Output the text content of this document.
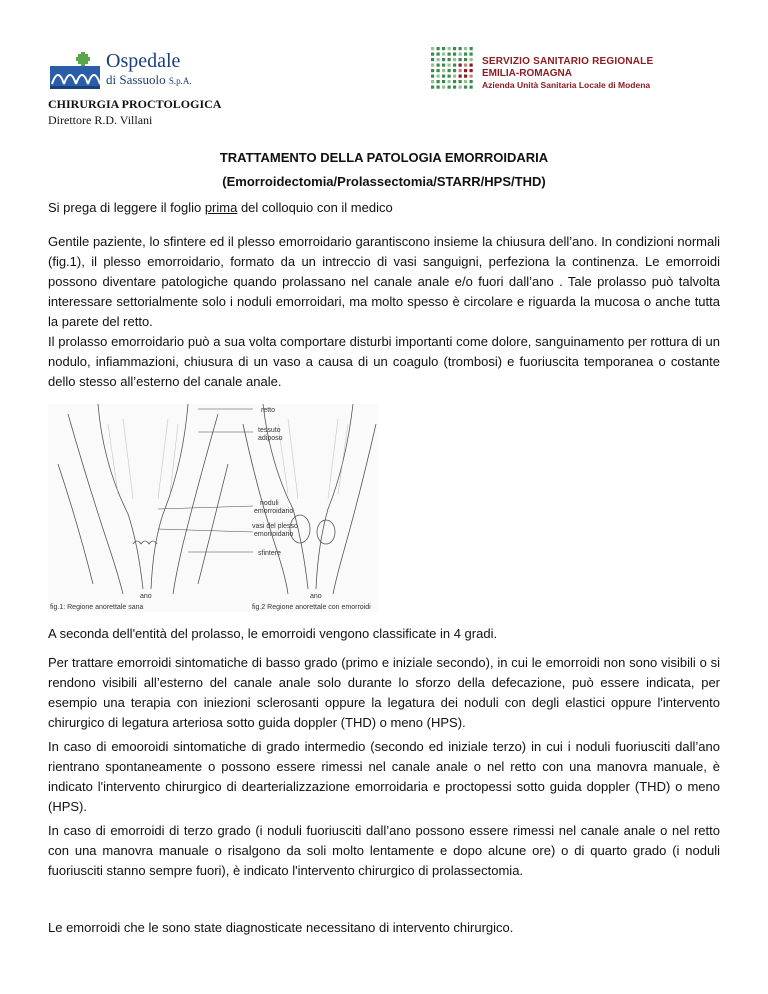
Ospedale
di Sassuolo S.p.A.
SERVIZIO SANITARIO REGIONALE
EMILIA-ROMAGNA
Azienda Unità Sanitaria Locale di Modena
CHIRURGIA PROCTOLOGICA
Direttore R.D. Villani
TRATTAMENTO DELLA PATOLOGIA EMORROIDARIA
(Emorroidectomia/Prolassectomia/STARR/HPS/THD)

Si prega di leggere il foglio prima del colloquio con il medico

Gentile paziente, lo sfintere ed il plesso emorroidario garantiscono insieme la chiusura dell’ano. In condizioni normali (fig.1), il plesso emorroidario, formato da un intreccio di vasi sanguigni, perfeziona la continenza. Le emorroidi possono diventare patologiche quando prolassano nel canale anale e/o fuori dall’ano . Tale prolasso può talvolta interessare settorialmente solo i noduli emorroidari, ma molto spesso è circolare e riguarda la mucosa o anche tutta la parete del retto.

Il prolasso emorroidario può a sua volta comportare disturbi importanti come dolore, sanguinamento per rottura di un nodulo, infiammazioni, chiusura di un vaso a causa di un coagulo (trombosi) e fuoriuscita temporanea o costante dello stesso all’esterno del canale anale.

retto
tessuto
adiposo
noduli
emorroidario
vasi del plesso
emorroidario
sfintere
ano	ano
fig.1: Regione anorettale sana	fig.2 Regione anorettale con emorroidi

A seconda dell'entità del prolasso, le emorroidi vengono classificate in 4 gradi.

Per trattare emorroidi sintomatiche di basso grado (primo e iniziale secondo), in cui le emorroidi non sono visibili o si rendono visibili all’esterno del canale anale solo durante lo sforzo della defecazione, può essere indicata, per esempio una terapia con iniezioni sclerosanti oppure la legatura dei noduli con degli elastici oppure l'intervento chirurgico di legatura arteriosa sotto guida doppler (THD) o meno (HPS).

In caso di emooroidi sintomatiche di grado intermedio (secondo ed iniziale terzo) in cui i noduli fuoriusciti dall’ano rientrano spontaneamente o possono essere rimessi nel canale anale o nel retto con una manovra manuale, è indicato l'intervento chirurgico di dearterializzazione emorroidaria e proctopessi sotto guida doppler (THD) o meno (HPS).

In caso di emorroidi di terzo grado (i noduli fuoriusciti dall’ano possono essere rimessi nel canale anale o nel retto con una manovra manuale o risalgono da soli molto lentamente e dopo alcune ore) o di quarto grado (i noduli fuoriusciti stanno sempre fuori), è indicato l'intervento chirurgico di prolassectomia.

Le emorroidi che le sono state diagnosticate necessitano di intervento chirurgico.
